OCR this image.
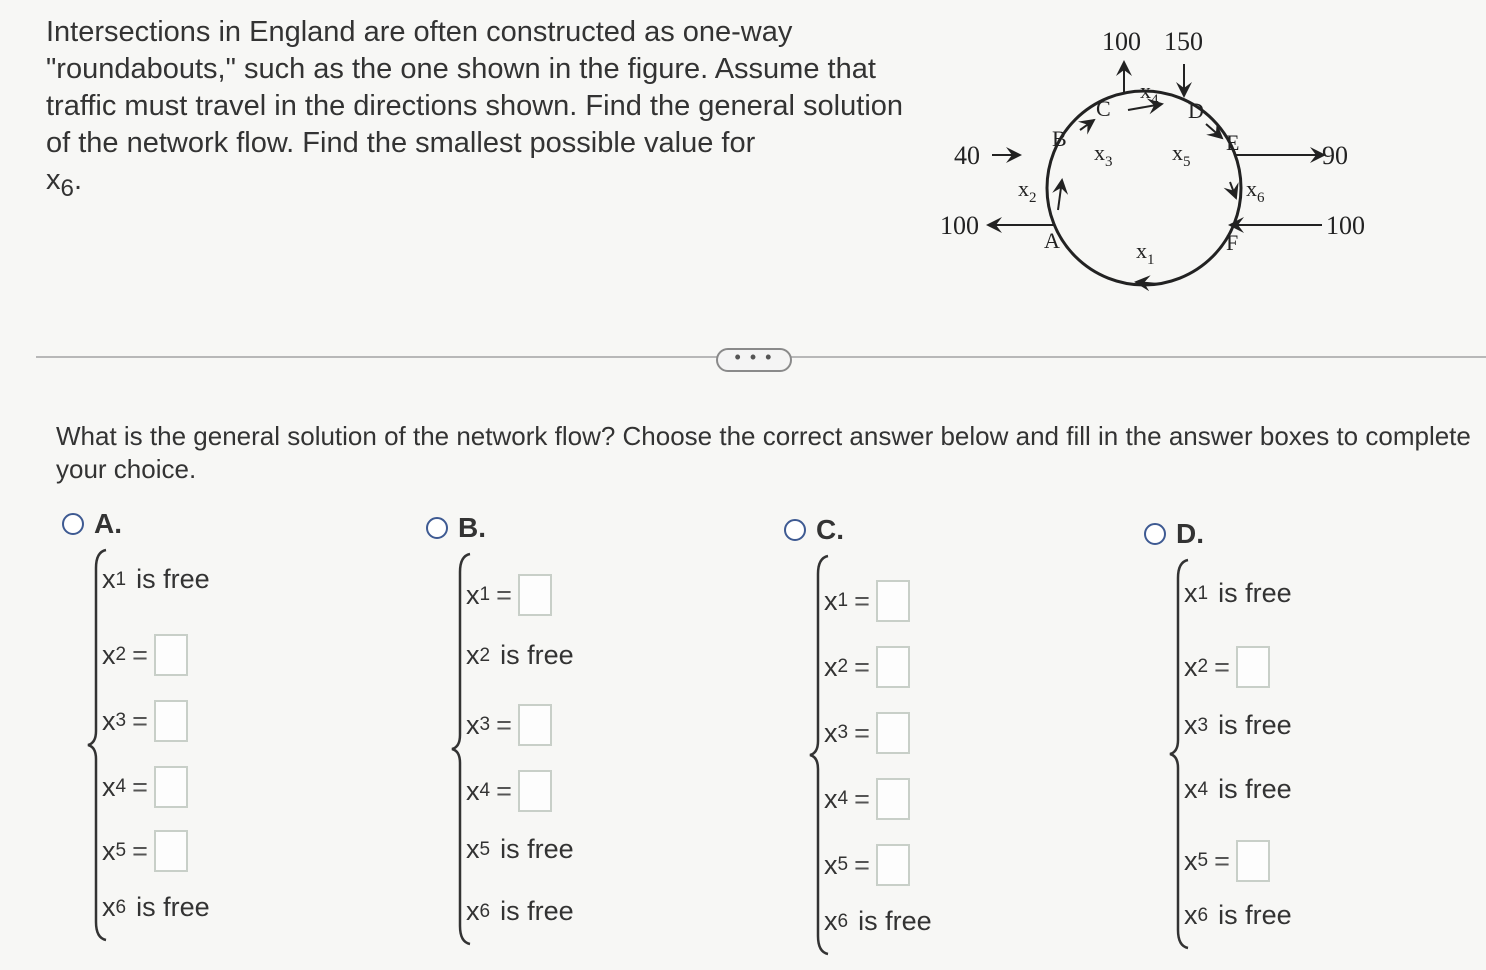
Intersections in England are often constructed as one-way "roundabouts," such as the one shown in the figure. Assume that traffic must travel in the directions shown. Find the general solution of the network flow. Find the smallest possible value for
$x_6$.
100 150
40
100
90
100
A
B
C	D
E
F
$x_1$
$x_2$
$x_3$
$x_4$
$x_5$
$x_6$
• • •
What is the general solution of the network flow? Choose the correct answer below and fill in the answer boxes to complete your choice.
A.
x 1 is free
x 2 =
x 3 =
x 4 =
x 5 =
x 6 is free
B.
x 1 =
x 2 is free
x 3 =
x 4 =
x 5 is free
x 6 is free
C.
x 1 =
x 2 =
x 3 =
x 4 =
x 5 =
x 6 is free
D.
x 1 is free
x 2 =
x 3 is free
x 4 is free
x 5 =
x 6 is free
